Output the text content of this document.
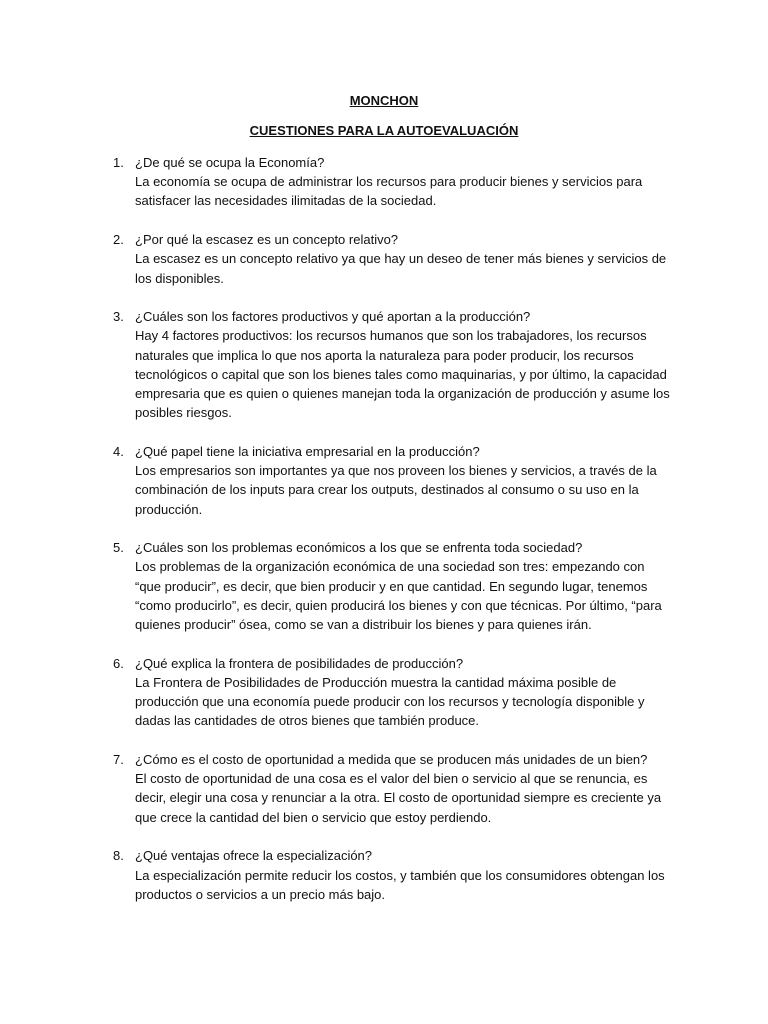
MONCHON
CUESTIONES PARA LA AUTOEVALUACIÓN
1. ¿De qué se ocupa la Economía?
La economía se ocupa de administrar los recursos para producir bienes y servicios para satisfacer las necesidades ilimitadas de la sociedad.
2. ¿Por qué la escasez es un concepto relativo?
La escasez es un concepto relativo ya que hay un deseo de tener más bienes y servicios de los disponibles.
3. ¿Cuáles son los factores productivos y qué aportan a la producción?
Hay 4 factores productivos: los recursos humanos que son los trabajadores, los recursos naturales que implica lo que nos aporta la naturaleza para poder producir, los recursos tecnológicos o capital que son los bienes tales como maquinarias, y por último, la capacidad empresaria que es quien o quienes manejan toda la organización de producción y asume los posibles riesgos.
4. ¿Qué papel tiene la iniciativa empresarial en la producción?
Los empresarios son importantes ya que nos proveen los bienes y servicios, a través de la combinación de los inputs para crear los outputs, destinados al consumo o su uso en la producción.
5. ¿Cuáles son los problemas económicos a los que se enfrenta toda sociedad?
Los problemas de la organización económica de una sociedad son tres: empezando con “que producir”, es decir, que bien producir y en que cantidad. En segundo lugar, tenemos “como producirlo”, es decir, quien producirá los bienes y con que técnicas. Por último, “para quienes producir” ósea, como se van a distribuir los bienes y para quienes irán.
6. ¿Qué explica la frontera de posibilidades de producción?
La Frontera de Posibilidades de Producción muestra la cantidad máxima posible de producción que una economía puede producir con los recursos y tecnología disponible y dadas las cantidades de otros bienes que también produce.
7. ¿Cómo es el costo de oportunidad a medida que se producen más unidades de un bien?
El costo de oportunidad de una cosa es el valor del bien o servicio al que se renuncia, es decir, elegir una cosa y renunciar a la otra. El costo de oportunidad siempre es creciente ya que crece la cantidad del bien o servicio que estoy perdiendo.
8. ¿Qué ventajas ofrece la especialización?
La especialización permite reducir los costos, y también que los consumidores obtengan los productos o servicios a un precio más bajo.
